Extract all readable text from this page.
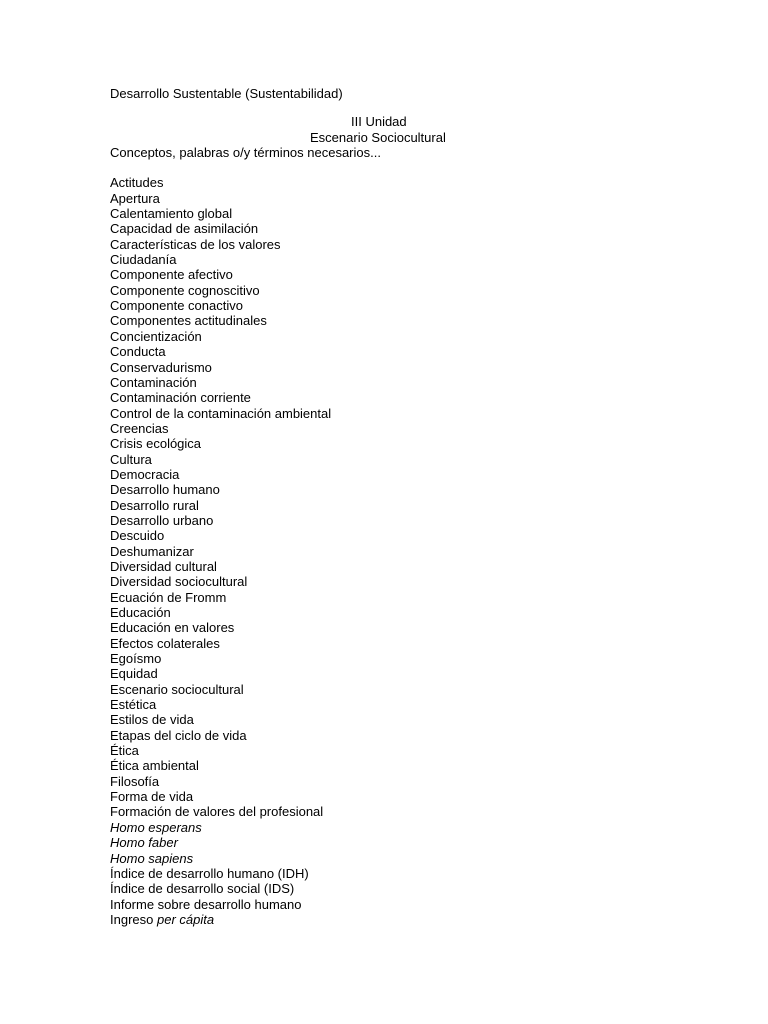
Desarrollo Sustentable (Sustentabilidad)
III Unidad
Escenario Sociocultural
Conceptos, palabras o/y términos necesarios...
Actitudes
Apertura
Calentamiento global
Capacidad de asimilación
Características de los valores
Ciudadanía
Componente afectivo
Componente cognoscitivo
Componente conactivo
Componentes actitudinales
Concientización
Conducta
Conservadurismo
Contaminación
Contaminación corriente
Control de la contaminación ambiental
Creencias
Crisis ecológica
Cultura
Democracia
Desarrollo humano
Desarrollo rural
Desarrollo urbano
Descuido
Deshumanizar
Diversidad cultural
Diversidad sociocultural
Ecuación de Fromm
Educación
Educación en valores
Efectos colaterales
Egoísmo
Equidad
Escenario sociocultural
Estética
Estilos de vida
Etapas del ciclo de vida
Ética
Ética ambiental
Filosofía
Forma de vida
Formación de valores del profesional
Homo esperans
Homo faber
Homo sapiens
Índice de desarrollo humano (IDH)
Índice de desarrollo social (IDS)
Informe sobre desarrollo humano
Ingreso per cápita
